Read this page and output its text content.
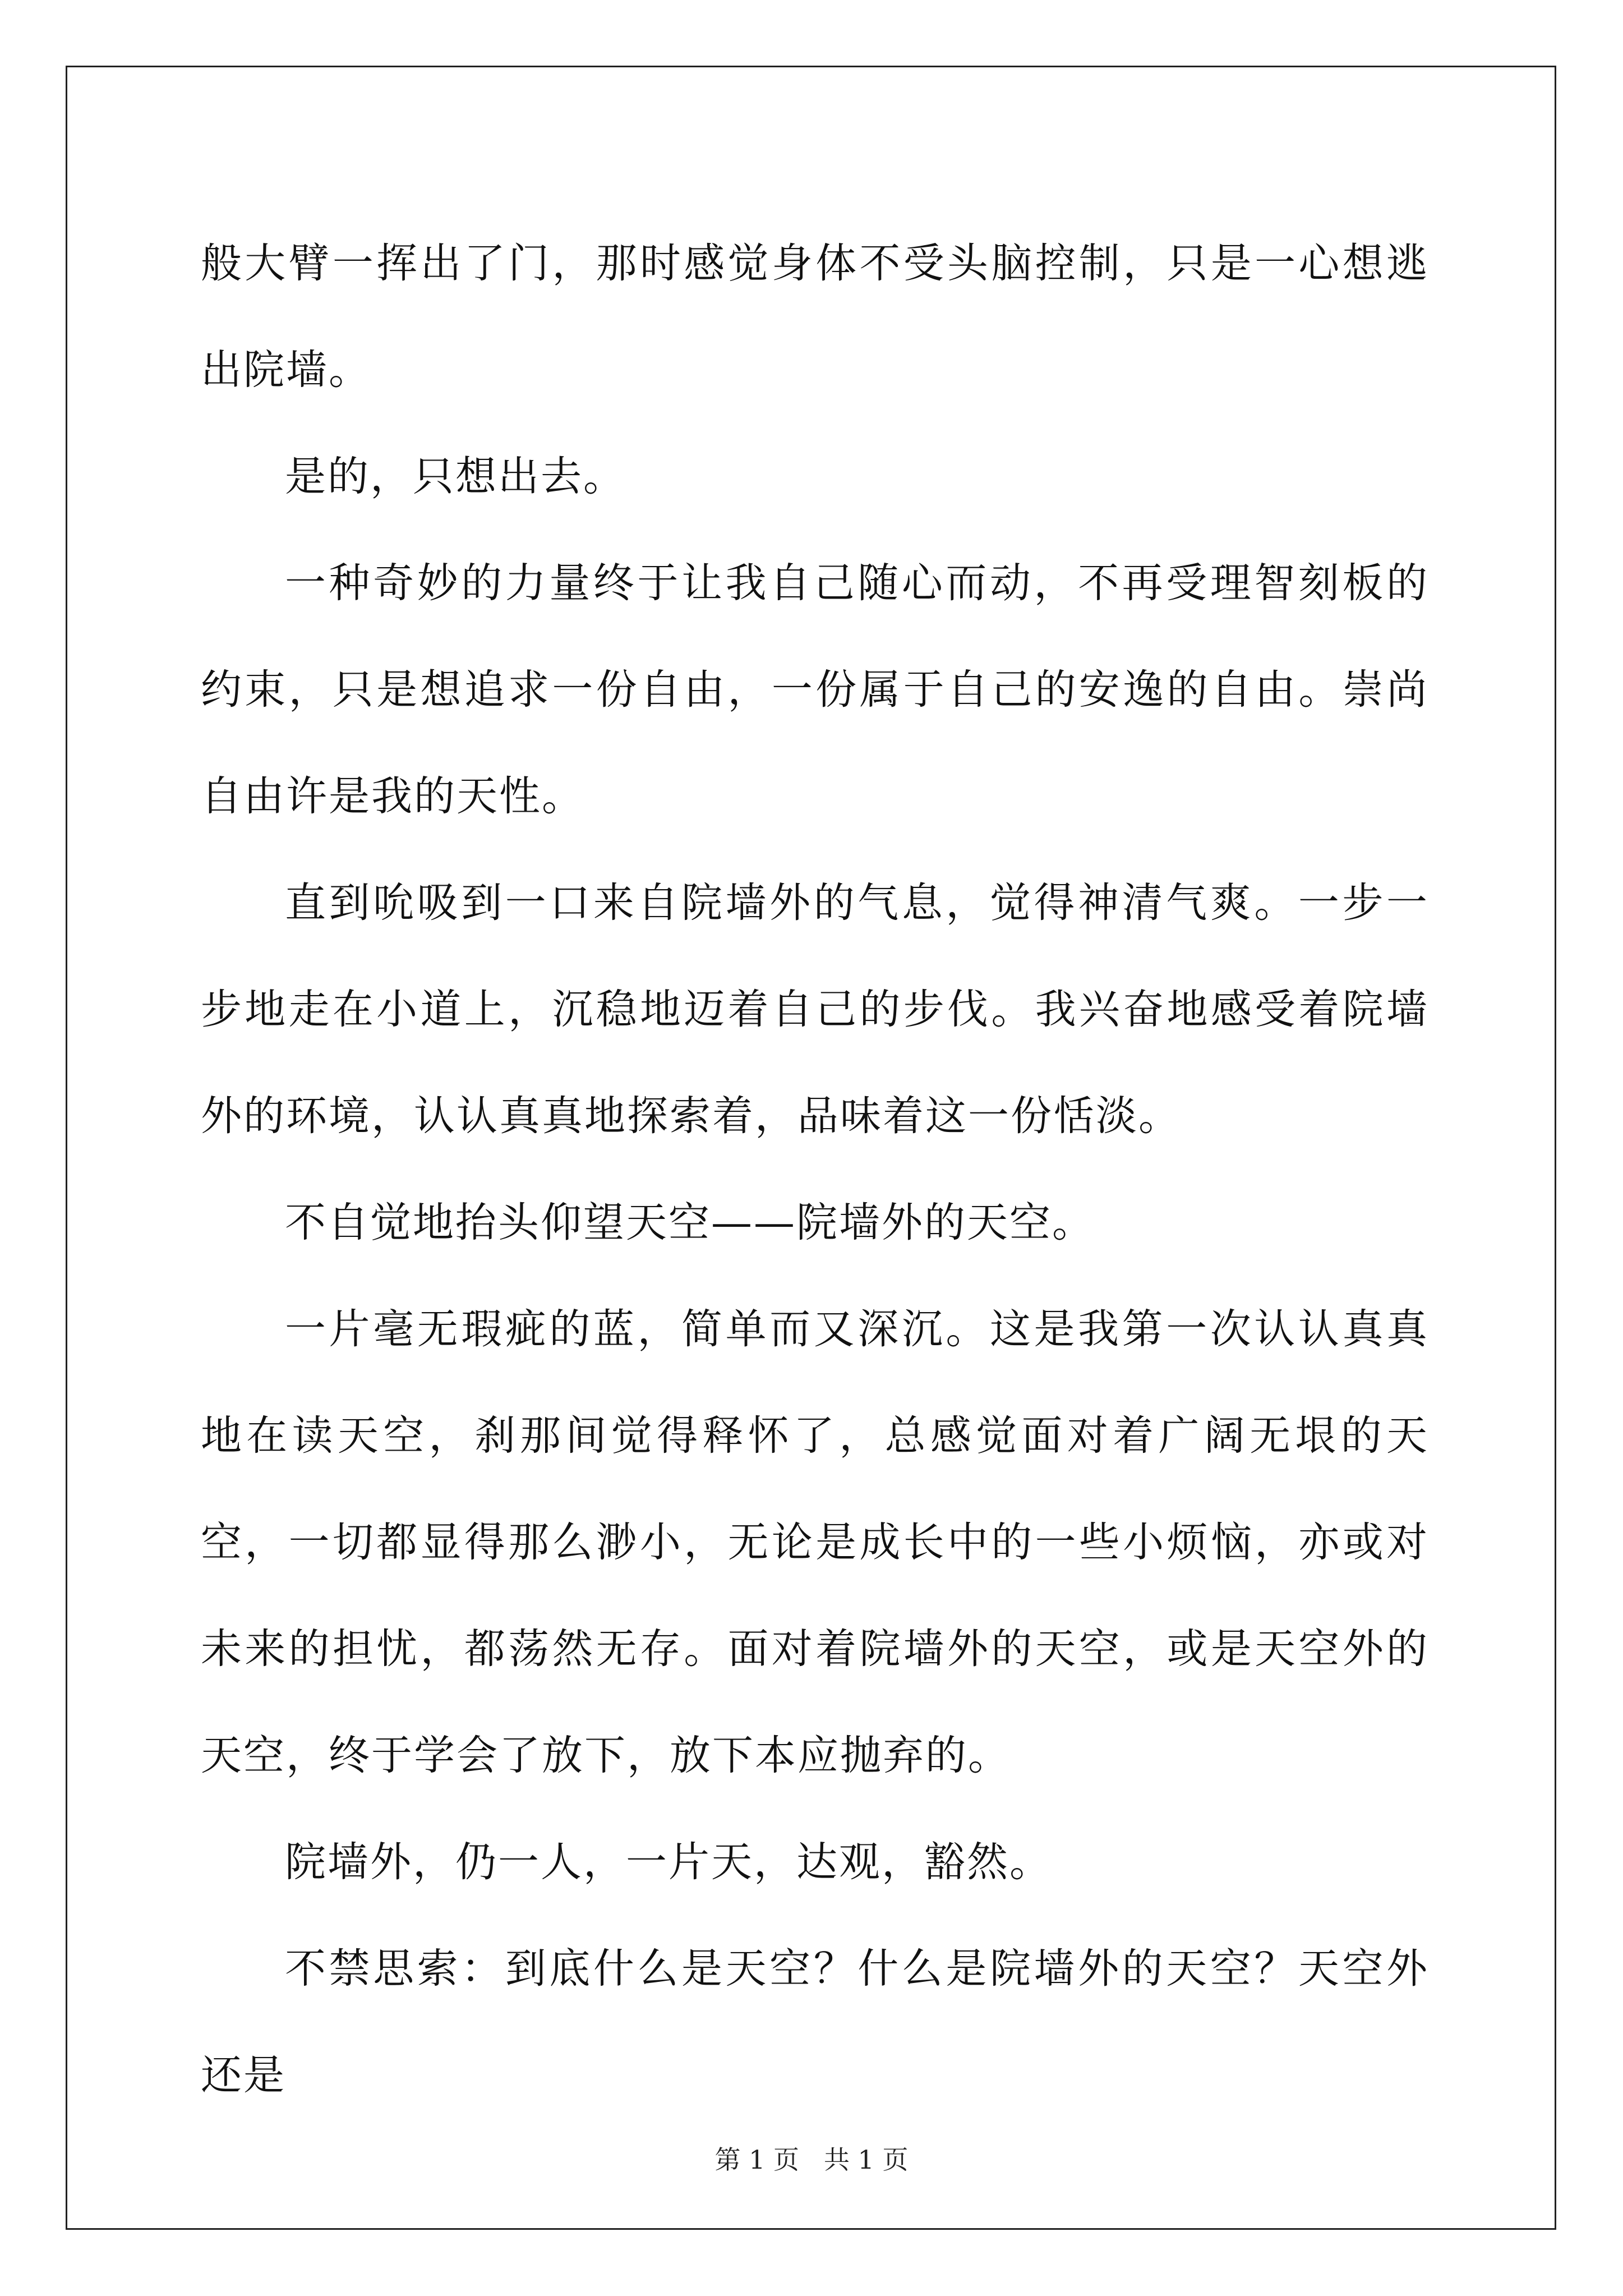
般大臂一挥出了门，那时感觉身体不受头脑控制，只是一心想逃出院墙。

是的，只想出去。

一种奇妙的力量终于让我自己随心而动，不再受理智刻板的约束，只是想追求一份自由，一份属于自己的安逸的自由。崇尚自由许是我的天性。

直到吮吸到一口来自院墙外的气息，觉得神清气爽。一步一步地走在小道上，沉稳地迈着自己的步伐。我兴奋地感受着院墙外的环境，认认真真地探索着，品味着这一份恬淡。

不自觉地抬头仰望天空——院墙外的天空。

一片毫无瑕疵的蓝，简单而又深沉。这是我第一次认认真真地在读天空，刹那间觉得释怀了，总感觉面对着广阔无垠的天空，一切都显得那么渺小，无论是成长中的一些小烦恼，亦或对未来的担忧，都荡然无存。面对着院墙外的天空，或是天空外的天空，终于学会了放下，放下本应抛弃的。

院墙外，仍一人，一片天，达观，豁然。

不禁思索：到底什么是天空？什么是院墙外的天空？天空外还是

第 1 页 共 1 页
